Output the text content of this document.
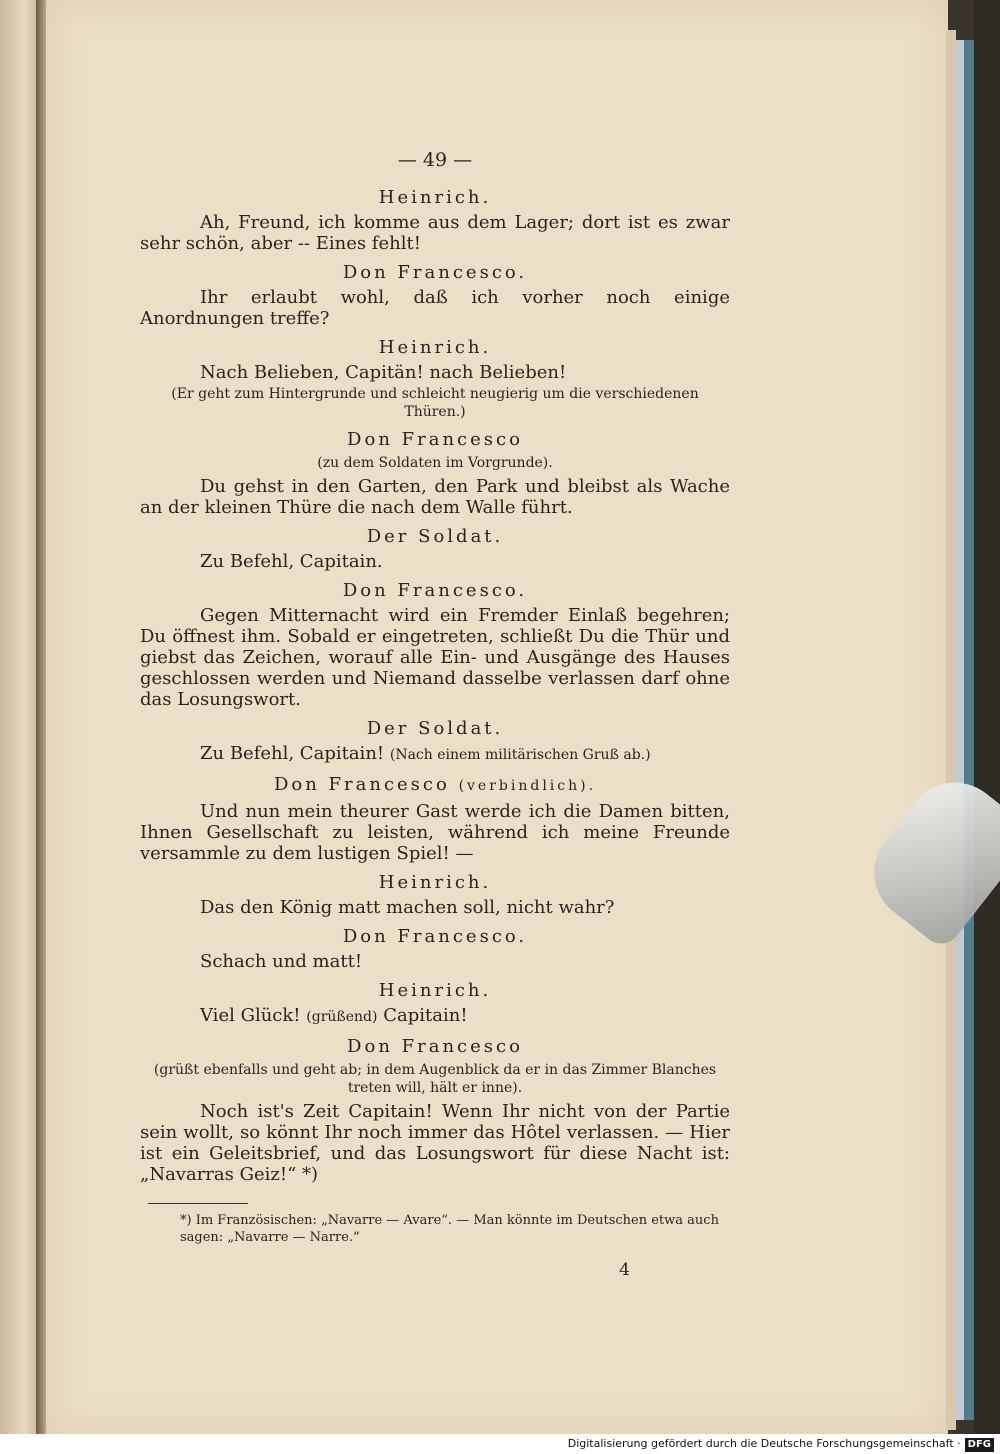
— 49 —
Heinrich.
Ah, Freund, ich komme aus dem Lager; dort ist es zwar sehr schön, aber -- Eines fehlt!
Don Francesco.
Ihr erlaubt wohl, daß ich vorher noch einige Anordnungen treffe?
Heinrich.
Nach Belieben, Capitän! nach Belieben!
(Er geht zum Hintergrunde und schleicht neugierig um die verschiedenen Thüren.)
Don Francesco
(zu dem Soldaten im Vorgrunde).
Du gehst in den Garten, den Park und bleibst als Wache an der kleinen Thüre die nach dem Walle führt.
Der Soldat.
Zu Befehl, Capitain.
Don Francesco.
Gegen Mitternacht wird ein Fremder Einlaß begehren; Du öffnest ihm. Sobald er eingetreten, schließt Du die Thür und giebst das Zeichen, worauf alle Ein- und Ausgänge des Hauses geschlossen werden und Niemand dasselbe verlassen darf ohne das Losungswort.
Der Soldat.
Zu Befehl, Capitain! (Nach einem militärischen Gruß ab.)
Don Francesco (verbindlich).
Und nun mein theurer Gast werde ich die Damen bitten, Ihnen Gesellschaft zu leisten, während ich meine Freunde versammle zu dem lustigen Spiel! —
Heinrich.
Das den König matt machen soll, nicht wahr?
Don Francesco.
Schach und matt!
Heinrich.
Viel Glück! (grüßend) Capitain!
Don Francesco
(grüßt ebenfalls und geht ab; in dem Augenblick da er in das Zimmer Blanches treten will, hält er inne).
Noch ist's Zeit Capitain! Wenn Ihr nicht von der Partie sein wollt, so könnt Ihr noch immer das Hôtel verlassen. — Hier ist ein Geleitsbrief, und das Losungswort für diese Nacht ist: „Navarras Geiz!“ *)
*) Im Französischen: „Navarre — Avare“. — Man könnte im Deutschen etwa auch sagen: „Navarre — Narre.“
4
Digitalisierung gefördert durch die Deutsche Forschungsgemeinschaft · DFG
